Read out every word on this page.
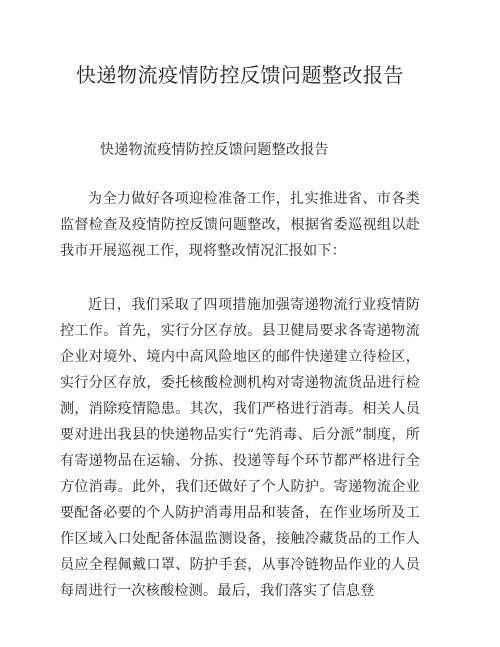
快递物流疫情防控反馈问题整改报告

快递物流疫情防控反馈问题整改报告

为全力做好各项迎检准备工作，扎实推进省、市各类监督检查及疫情防控反馈问题整改，根据省委巡视组以赴我市开展巡视工作，现将整改情况汇报如下：

近日，我们采取了四项措施加强寄递物流行业疫情防控工作。首先，实行分区存放。县卫健局要求各寄递物流企业对境外、境内中高风险地区的邮件快递建立待检区，实行分区存放，委托核酸检测机构对寄递物流货品进行检测，消除疫情隐患。其次，我们严格进行消毒。相关人员要对进出我县的快递物品实行“先消毒、后分派”制度，所有寄递物品在运输、分拣、投递等每个环节都严格进行全方位消毒。此外，我们还做好了个人防护。寄递物流企业要配备必要的个人防护消毒用品和装备，在作业场所及工作区域入口处配备体温监测设备，接触冷藏货品的工作人员应全程佩戴口罩、防护手套，从事冷链物品作业的人员每周进行一次核酸检测。最后，我们落实了信息登
